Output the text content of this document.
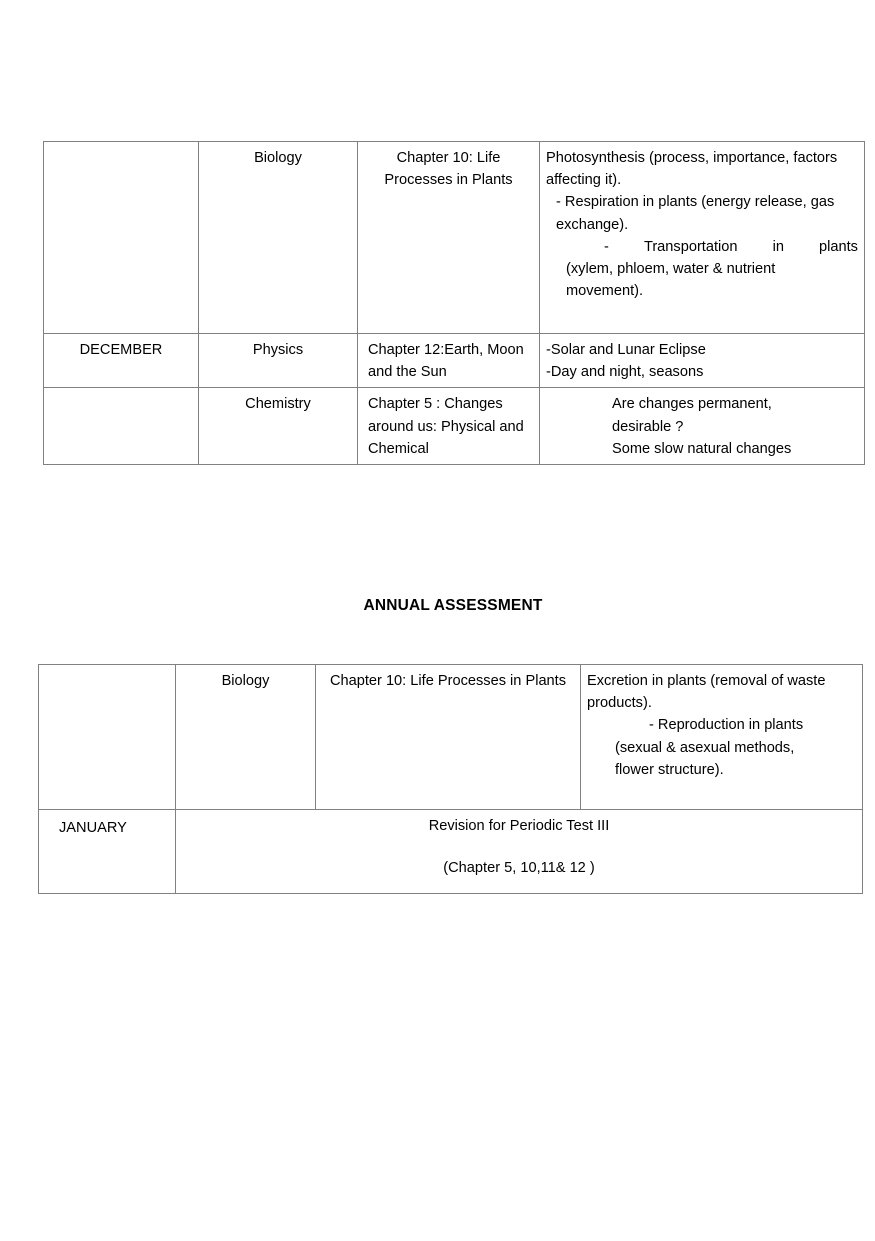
	Biology	Chapter 10: Life Processes in Plants	

Photosynthesis (process, importance, factors affecting it).

- Respiration in plants (energy release, gas exchange).

- Transportation in plants

(xylem, phloem, water & nutrient

movement).

DECEMBER	Physics	Chapter 12:Earth, Moon and the Sun	-Solar and Lunar Eclipse

-Day and night, seasons

	Chemistry	Chapter 5 : Changes around us: Physical and Chemical	Are changes permanent,

desirable ?

Some slow natural changes

ANNUAL ASSESSMENT
	Biology	Chapter 10: Life Processes in Plants	Excretion in plants (removal of waste products).

- Reproduction in plants

(sexual & asexual methods,

flower structure).

JANUARY	Revision for Periodic Test III
(Chapter 5, 10,11& 12 )		
